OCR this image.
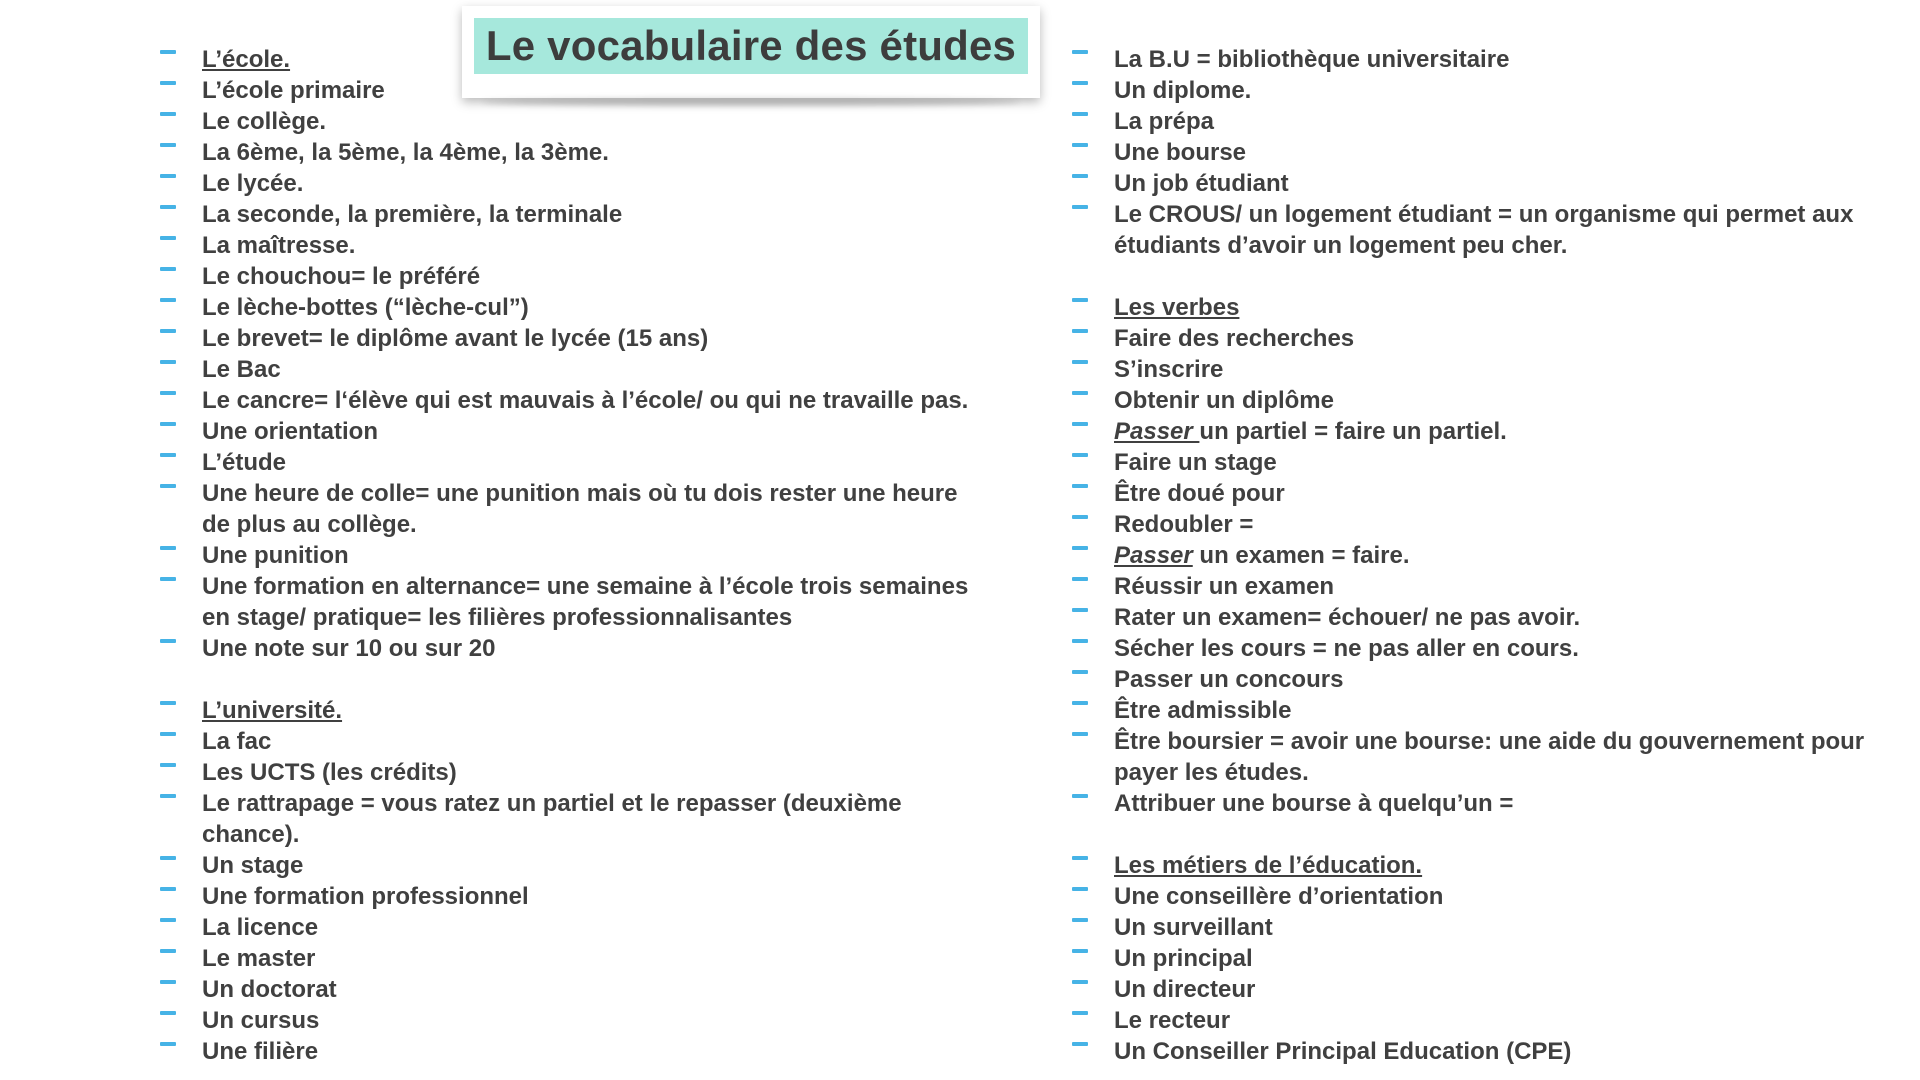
Le vocabulaire des études
L’école.
L’école primaire
Le collège.
La 6ème, la 5ème, la 4ème, la 3ème.
Le lycée.
La seconde, la première, la terminale
La maîtresse.
Le chouchou= le préféré
Le lèche-bottes (“lèche-cul”)
Le brevet= le diplôme avant le lycée (15 ans)
Le Bac
Le cancre= l‘élève qui est mauvais à l’école/ ou qui ne travaille pas.
Une orientation
L’étude
Une heure de colle= une punition mais où tu dois rester une heure de plus au collège.
Une punition
Une formation en alternance= une semaine à l’école trois semaines en stage/ pratique= les filières professionnalisantes
Une note sur 10 ou sur 20
L’université.
La fac
Les UCTS (les crédits)
Le rattrapage = vous ratez un partiel et le repasser (deuxième chance).
Un stage
Une formation professionnel
La licence
Le master
Un doctorat
Un cursus
Une filière
La B.U = bibliothèque universitaire
Un diplome.
La prépa
Une bourse
Un job étudiant
Le CROUS/ un logement étudiant = un organisme qui permet aux étudiants d’avoir un logement peu cher.
Les verbes
Faire des recherches
S’inscrire
Obtenir un diplôme
Passer un partiel = faire un partiel.
Faire un stage
Être doué pour
Redoubler =
Passer un examen = faire.
Réussir un examen
Rater un examen= échouer/ ne pas avoir.
Sécher les cours = ne pas aller en cours.
Passer un concours
Être admissible
Être boursier = avoir une bourse: une aide du gouvernement pour payer les études.
Attribuer une bourse à quelqu’un =
Les métiers de l’éducation.
Une conseillère d’orientation
Un surveillant
Un principal
Un directeur
Le recteur
Un Conseiller Principal Education (CPE)
